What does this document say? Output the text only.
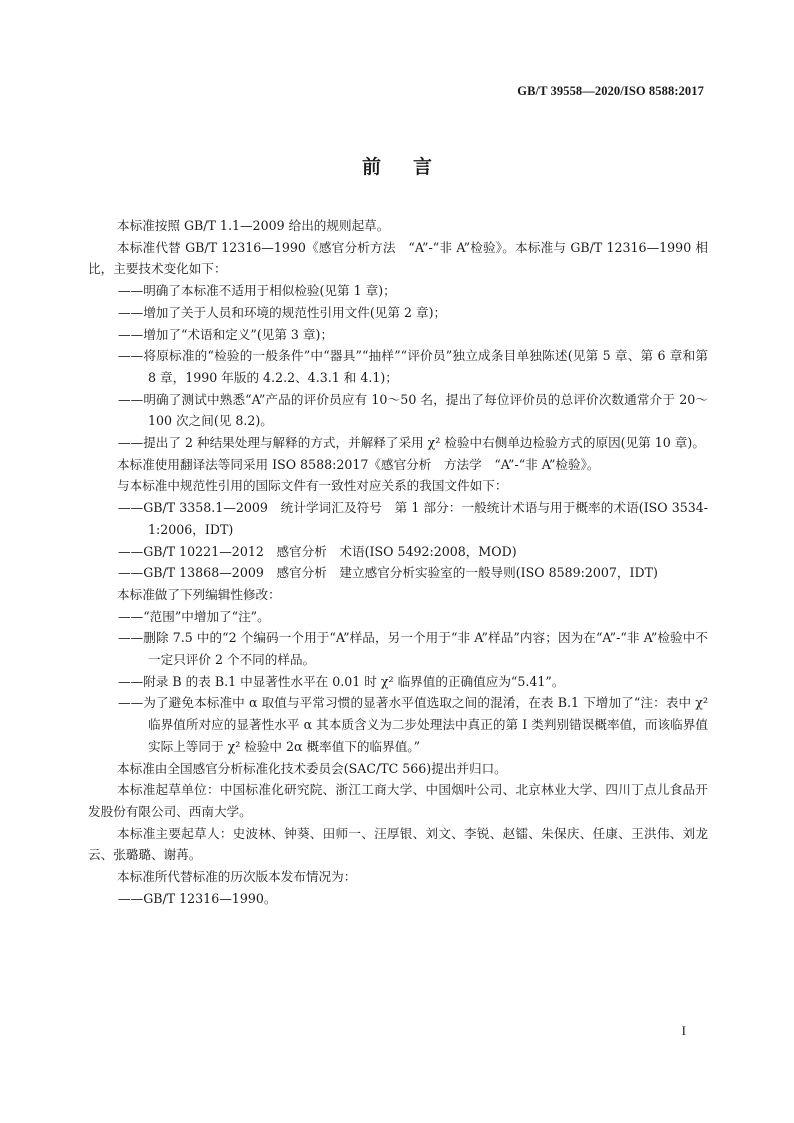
GB/T 39558—2020/ISO 8588:2017
前言

本标准按照 GB/T 1.1—2009 给出的规则起草。

本标准代替 GB/T 12316—1990《感官分析方法　“A”-“非 A”检验》。本标准与 GB/T 12316—1990 相比，主要技术变化如下：

——明确了本标准不适用于相似检验(见第 1 章)；

——增加了关于人员和环境的规范性引用文件(见第 2 章)；

——增加了“术语和定义”(见第 3 章)；

——将原标准的“检验的一般条件”中“器具”“抽样”“评价员”独立成条目单独陈述(见第 5 章、第 6 章和第 8 章，1990 年版的 4.2.2、4.3.1 和 4.1)；

——明确了测试中熟悉“A”产品的评价员应有 10～50 名，提出了每位评价员的总评价次数通常介于 20～100 次之间(见 8.2)。

——提出了 2 种结果处理与解释的方式，并解释了采用 χ² 检验中右侧单边检验方式的原因(见第 10 章)。

本标准使用翻译法等同采用 ISO 8588:2017《感官分析　方法学　“A”-“非 A”检验》。

与本标准中规范性引用的国际文件有一致性对应关系的我国文件如下：

——GB/T 3358.1—2009　统计学词汇及符号　第 1 部分：一般统计术语与用于概率的术语(ISO 3534-1:2006，IDT)

——GB/T 10221—2012　感官分析　术语(ISO 5492:2008，MOD)

——GB/T 13868—2009　感官分析　建立感官分析实验室的一般导则(ISO 8589:2007，IDT)

本标准做了下列编辑性修改：

——“范围”中增加了“注”。

——删除 7.5 中的“2 个编码一个用于“A”样品，另一个用于“非 A”样品”内容；因为在“A”-“非 A”检验中不一定只评价 2 个不同的样品。

——附录 B 的表 B.1 中显著性水平在 0.01 时 χ² 临界值的正确值应为“5.41”。

——为了避免本标准中 α 取值与平常习惯的显著水平值选取之间的混淆，在表 B.1 下增加了“注：表中 χ² 临界值所对应的显著性水平 α 其本质含义为二步处理法中真正的第 I 类判别错误概率值，而该临界值实际上等同于 χ² 检验中 2α 概率值下的临界值。”

本标准由全国感官分析标准化技术委员会(SAC/TC 566)提出并归口。

本标准起草单位：中国标准化研究院、浙江工商大学、中国烟叶公司、北京林业大学、四川丁点儿食品开发股份有限公司、西南大学。

本标准主要起草人：史波林、钟葵、田师一、汪厚银、刘文、李锐、赵镭、朱保庆、任康、王洪伟、刘龙云、张璐璐、谢苒。

本标准所代替标准的历次版本发布情况为：

——GB/T 12316—1990。

I
